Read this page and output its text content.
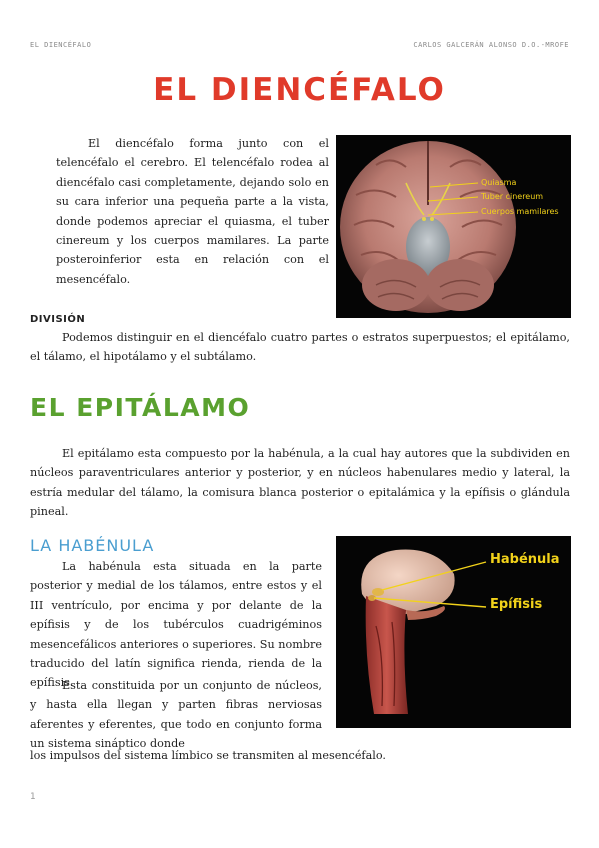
EL DIENCÉFALO	CARLOS GALCERÁN ALONSO D.O.-MROFE
EL DIENCÉFALO
El diencéfalo forma junto con el telencéfalo el cerebro. El telencéfalo rodea al diencéfalo casi completamente, dejando solo en su cara inferior una pequeña parte a la vista, donde podemos apreciar el quiasma, el tuber cinereum y los cuerpos mamilares. La parte posteroinferior esta en relación con el mesencéfalo.
Quiasma
Tuber cinereum
Cuerpos mamilares
DIVISIÓN
Podemos distinguir en el diencéfalo cuatro partes o estratos superpuestos; el epitálamo, el tálamo, el hipotálamo y el subtálamo.
EL EPITÁLAMO
El epitálamo esta compuesto por la habénula, a la cual hay autores que la subdividen en núcleos paraventriculares anterior y posterior, y en núcleos habenulares medio y lateral, la estría medular del tálamo, la comisura blanca posterior o epitalámica y la epífisis o glándula pineal.
LA HABÉNULA
La habénula esta situada en la parte posterior y medial de los tálamos, entre estos y el III ventrículo, por encima y por delante de la epífisis y de los tubérculos cuadrigéminos mesencefálicos anteriores o superiores. Su nombre traducido del latín significa rienda, rienda de la epífisis.
Esta constituida por un conjunto de núcleos, y hasta ella llegan y parten fibras nerviosas aferentes y eferentes, que todo en conjunto forma un sistema sináptico donde
los impulsos del sistema límbico se transmiten al mesencéfalo.
Habénula
Epífisis
1
